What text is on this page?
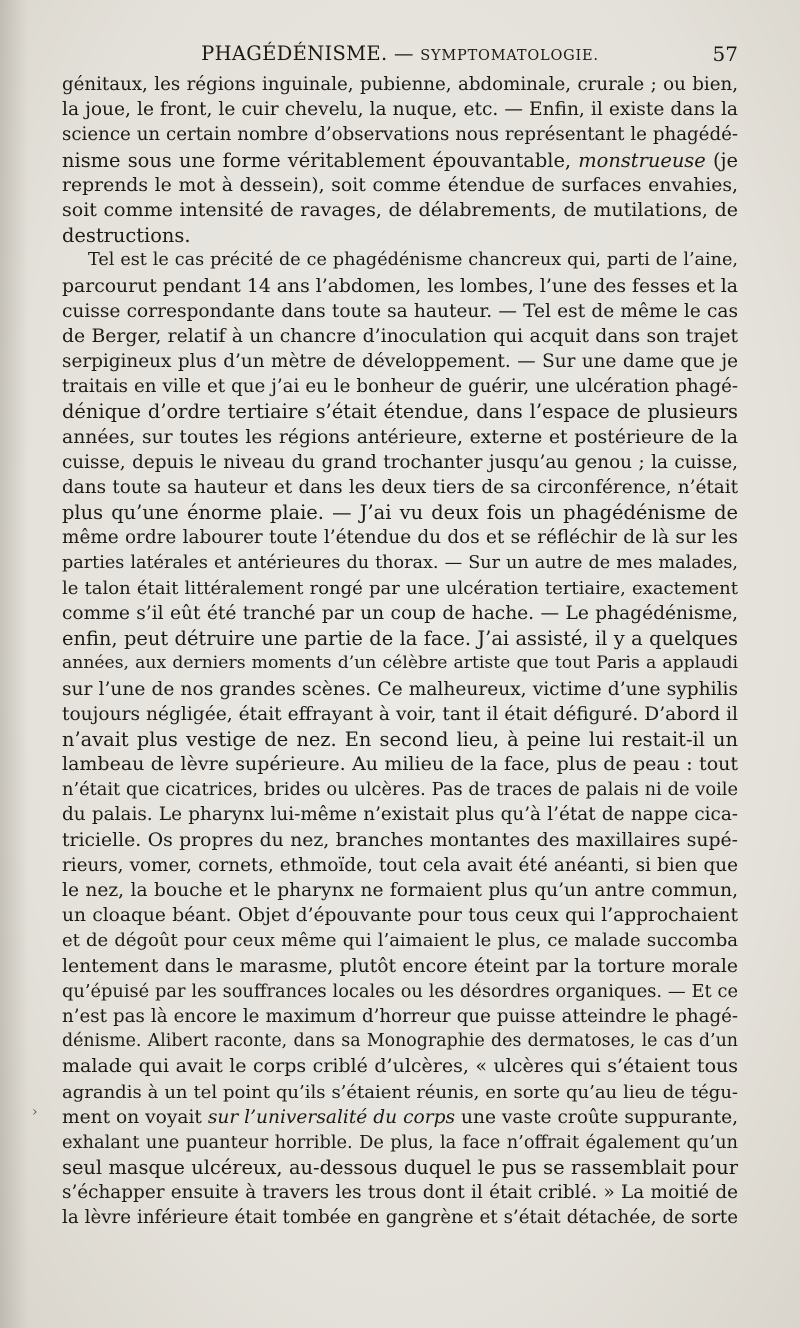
PHAGÉDÉNISME. — SYMPTOMATOLOGIE.	57
›
génitaux, les régions inguinale, pubienne, abdominale, crurale ; ou bien,
la joue, le front, le cuir chevelu, la nuque, etc. — Enfin, il existe dans la
science un certain nombre d’observations nous représentant le phagédé-
nisme sous une forme véritablement épouvantable, monstrueuse (je
reprends le mot à dessein), soit comme étendue de surfaces envahies,
soit comme intensité de ravages, de délabrements, de mutilations, de
destructions.
Tel est le cas précité de ce phagédénisme chancreux qui, parti de l’aine,
parcourut pendant 14 ans l’abdomen, les lombes, l’une des fesses et la
cuisse correspondante dans toute sa hauteur. — Tel est de même le cas
de Berger, relatif à un chancre d’inoculation qui acquit dans son trajet
serpigineux plus d’un mètre de développement. — Sur une dame que je
traitais en ville et que j’ai eu le bonheur de guérir, une ulcération phagé-
dénique d’ordre tertiaire s’était étendue, dans l’espace de plusieurs
années, sur toutes les régions antérieure, externe et postérieure de la
cuisse, depuis le niveau du grand trochanter jusqu’au genou ; la cuisse,
dans toute sa hauteur et dans les deux tiers de sa circonférence, n’était
plus qu’une énorme plaie. — J’ai vu deux fois un phagédénisme de
même ordre labourer toute l’étendue du dos et se réfléchir de là sur les
parties latérales et antérieures du thorax. — Sur un autre de mes malades,
le talon était littéralement rongé par une ulcération tertiaire, exactement
comme s’il eût été tranché par un coup de hache. — Le phagédénisme,
enfin, peut détruire une partie de la face. J’ai assisté, il y a quelques
années, aux derniers moments d’un célèbre artiste que tout Paris a applaudi
sur l’une de nos grandes scènes. Ce malheureux, victime d’une syphilis
toujours négligée, était effrayant à voir, tant il était défiguré. D’abord il
n’avait plus vestige de nez. En second lieu, à peine lui restait-il un
lambeau de lèvre supérieure. Au milieu de la face, plus de peau : tout
n’était que cicatrices, brides ou ulcères. Pas de traces de palais ni de voile
du palais. Le pharynx lui-même n’existait plus qu’à l’état de nappe cica-
tricielle. Os propres du nez, branches montantes des maxillaires supé-
rieurs, vomer, cornets, ethmoïde, tout cela avait été anéanti, si bien que
le nez, la bouche et le pharynx ne formaient plus qu’un antre commun,
un cloaque béant. Objet d’épouvante pour tous ceux qui l’approchaient
et de dégoût pour ceux même qui l’aimaient le plus, ce malade succomba
lentement dans le marasme, plutôt encore éteint par la torture morale
qu’épuisé par les souffrances locales ou les désordres organiques. — Et ce
n’est pas là encore le maximum d’horreur que puisse atteindre le phagé-
dénisme. Alibert raconte, dans sa Monographie des dermatoses, le cas d’un
malade qui avait le corps criblé d’ulcères, « ulcères qui s’étaient tous
agrandis à un tel point qu’ils s’étaient réunis, en sorte qu’au lieu de tégu-
ment on voyait sur l’universalité du corps une vaste croûte suppurante,
exhalant une puanteur horrible. De plus, la face n’offrait également qu’un
seul masque ulcéreux, au-dessous duquel le pus se rassemblait pour
s’échapper ensuite à travers les trous dont il était criblé. » La moitié de
la lèvre inférieure était tombée en gangrène et s’était détachée, de sorte
